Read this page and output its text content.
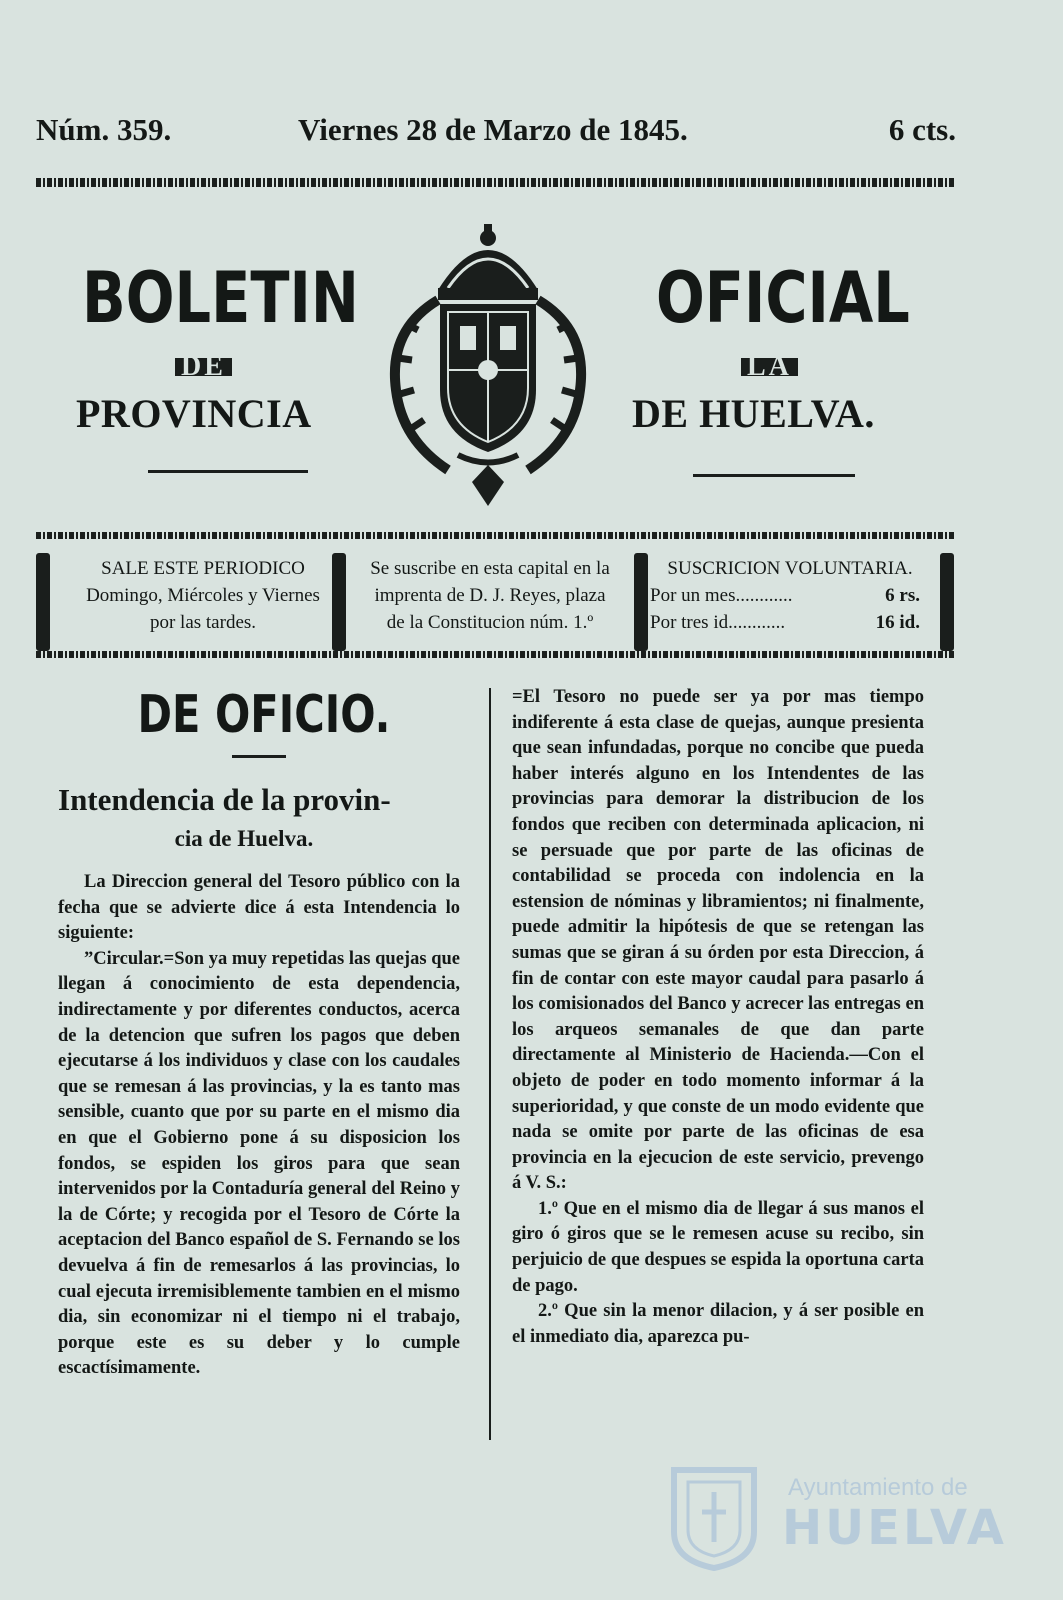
Núm. 359.	Viernes 28 de Marzo de 1845.	6 cts.
BOLETIN	OFICIAL
DE	LA
PROVINCIA	DE HUELVA.
SALE ESTE PERIODICO
Domingo, Miércoles y Viernes
por las tardes.
Se suscribe en esta capital en la
imprenta de D. J. Reyes, plaza
de la Constitucion núm. 1.º
SUSCRICION VOLUNTARIA.
Por un mes............	6 rs.
Por tres id............	16 id.
DE OFICIO.
Intendencia de la provin-
cia de Huelva.

La Direccion general del Tesoro público con la fecha que se advierte dice á esta Intendencia lo siguiente:

”Circular.=Son ya muy repetidas las quejas que llegan á conocimiento de esta dependencia, indirectamente y por diferentes conductos, acerca de la detencion que sufren los pagos que deben ejecutarse á los individuos y clase con los caudales que se remesan á las provincias, y la es tanto mas sensible, cuanto que por su parte en el mismo dia en que el Gobierno pone á su disposicion los fondos, se espiden los giros para que sean intervenidos por la Contaduría general del Reino y la de Córte; y recogida por el Tesoro de Córte la aceptacion del Banco español de S. Fernando se los devuelva á fin de remesarlos á las provincias, lo cual ejecuta irremisiblemente tambien en el mismo dia, sin economizar ni el tiempo ni el trabajo, porque este es su deber y lo cumple escactísimamente.

=El Tesoro no puede ser ya por mas tiempo indiferente á esta clase de quejas, aunque presienta que sean infundadas, porque no concibe que pueda haber interés alguno en los Intendentes de las provincias para demorar la distribucion de los fondos que reciben con determinada aplicacion, ni se persuade que por parte de las oficinas de contabilidad se proceda con indolencia en la estension de nóminas y libramientos; ni finalmente, puede admitir la hipótesis de que se retengan las sumas que se giran á su órden por esta Direccion, á fin de contar con este mayor caudal para pasarlo á los comisionados del Banco y acrecer las entregas en los arqueos semanales de que dan parte directamente al Ministerio de Hacienda.—Con el objeto de poder en todo momento informar á la superioridad, y que conste de un modo evidente que nada se omite por parte de las oficinas de esa provincia en la ejecucion de este servicio, prevengo á V. S.:

1.º Que en el mismo dia de llegar á sus manos el giro ó giros que se le remesen acuse su recibo, sin perjuicio de que despues se espida la oportuna carta de pago.

2.º Que sin la menor dilacion, y á ser posible en el inmediato dia, aparezca pu-

Ayuntamiento de
HUELVA
